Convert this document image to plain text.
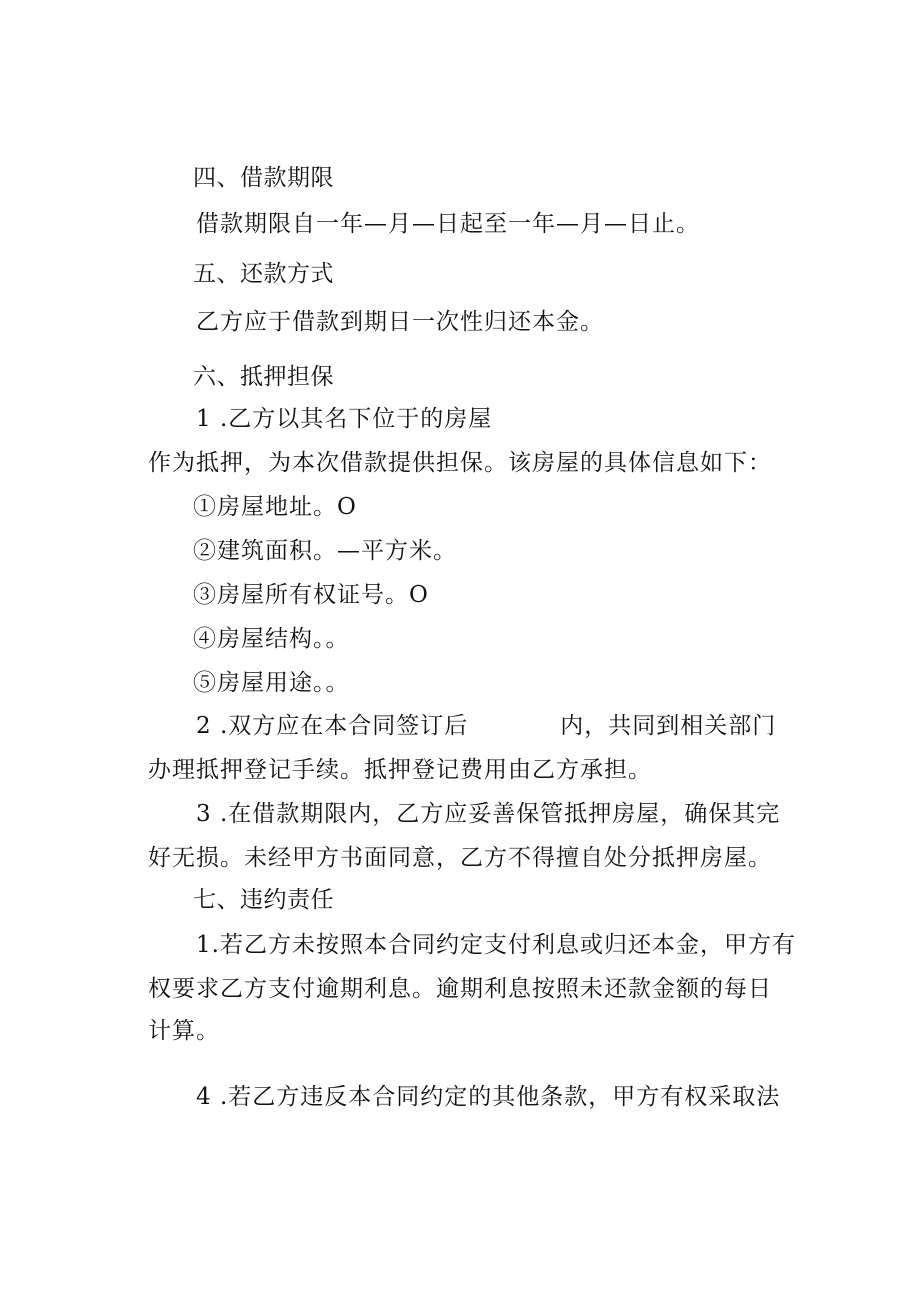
四、借款期限
借款期限自一年—月—日起至一年—月—日止。
五、还款方式
乙方应于借款到期日一次性归还本金。
六、抵押担保
1 .乙方以其名下位于的房屋
作为抵押，为本次借款提供担保。该房屋的具体信息如下：
①房屋地址。O
②建筑面积。—平方米。
③房屋所有权证号。O
④房屋结构。。
⑤房屋用途。。
2 .双方应在本合同签订后	内，共同到相关部门
办理抵押登记手续。抵押登记费用由乙方承担。
3 .在借款期限内，乙方应妥善保管抵押房屋，确保其完
好无损。未经甲方书面同意，乙方不得擅自处分抵押房屋。
七、违约责任
1.若乙方未按照本合同约定支付利息或归还本金，甲方有
权要求乙方支付逾期利息。逾期利息按照未还款金额的每日
计算。
4 .若乙方违反本合同约定的其他条款，甲方有权采取法
